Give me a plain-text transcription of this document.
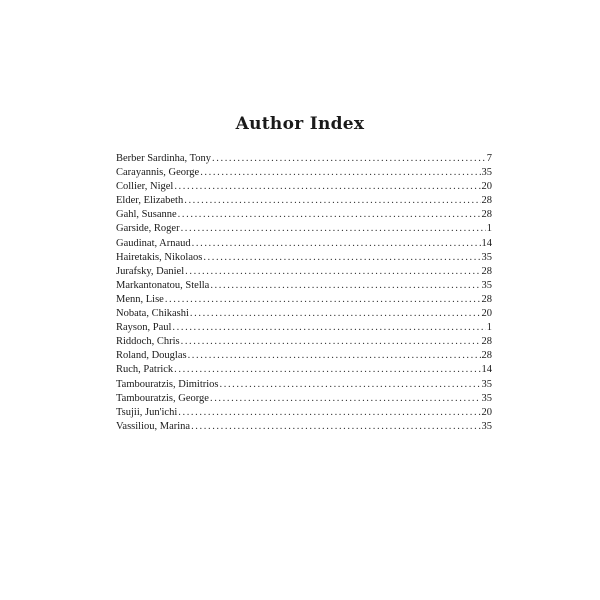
Author Index
Berber Sardinha, Tony .....	7
Carayannis, George .....	35
Collier, Nigel .....	20
Elder, Elizabeth .....	28
Gahl, Susanne .....	28
Garside, Roger .....	1
Gaudinat, Arnaud .....	14
Hairetakis, Nikolaos .....	35
Jurafsky, Daniel .....	28
Markantonatou, Stella .....	35
Menn, Lise .....	28
Nobata, Chikashi .....	20
Rayson, Paul .....	1
Riddoch, Chris .....	28
Roland, Douglas .....	28
Ruch, Patrick .....	14
Tambouratzis, Dimitrios .....	35
Tambouratzis, George .....	35
Tsujii, Jun'ichi .....	20
Vassiliou, Marina .....	35
